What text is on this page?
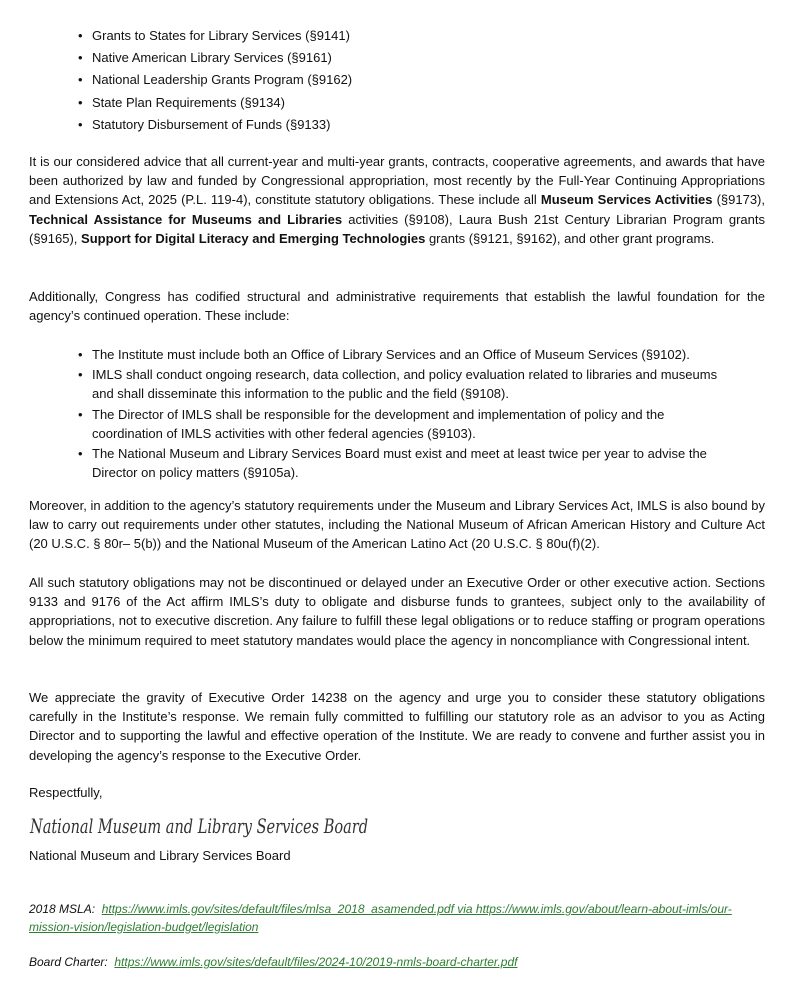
• Grants to States for Library Services (§9141)
• Native American Library Services (§9161)
• National Leadership Grants Program (§9162)
• State Plan Requirements (§9134)
• Statutory Disbursement of Funds (§9133)

It is our considered advice that all current-year and multi-year grants, contracts, cooperative agreements, and awards that have been authorized by law and funded by Congressional appropriation, most recently by the Full-Year Continuing Appropriations and Extensions Act, 2025 (P.L. 119-4), constitute statutory obligations. These include all Museum Services Activities (§9173), Technical Assistance for Museums and Libraries activities (§9108), Laura Bush 21st Century Librarian Program grants (§9165), Support for Digital Literacy and Emerging Technologies grants (§9121, §9162), and other grant programs.

Additionally, Congress has codified structural and administrative requirements that establish the lawful foundation for the agency’s continued operation. These include:

• The Institute must include both an Office of Library Services and an Office of Museum Services (§9102).
• IMLS shall conduct ongoing research, data collection, and policy evaluation related to libraries and museums and shall disseminate this information to the public and the field (§9108).
• The Director of IMLS shall be responsible for the development and implementation of policy and the coordination of IMLS activities with other federal agencies (§9103).
• The National Museum and Library Services Board must exist and meet at least twice per year to advise the Director on policy matters (§9105a).

Moreover, in addition to the agency’s statutory requirements under the Museum and Library Services Act, IMLS is also bound by law to carry out requirements under other statutes, including the National Museum of African American History and Culture Act (20 U.S.C. § 80r– 5(b)) and the National Museum of the American Latino Act (20 U.S.C. § 80u(f)(2).

All such statutory obligations may not be discontinued or delayed under an Executive Order or other executive action. Sections 9133 and 9176 of the Act affirm IMLS’s duty to obligate and disburse funds to grantees, subject only to the availability of appropriations, not to executive discretion. Any failure to fulfill these legal obligations or to reduce staffing or program operations below the minimum required to meet statutory mandates would place the agency in noncompliance with Congressional intent.

We appreciate the gravity of Executive Order 14238 on the agency and urge you to consider these statutory obligations carefully in the Institute’s response. We remain fully committed to fulfilling our statutory role as an advisor to you as Acting Director and to supporting the lawful and effective operation of the Institute. We are ready to convene and further assist you in developing the agency’s response to the Executive Order.

Respectfully,

National Museum and Library Services Board

National Museum and Library Services Board

2018 MSLA: https://www.imls.gov/sites/default/files/mlsa_2018_asamended.pdf via https://www.imls.gov/about/learn-about-imls/our-mission-vision/legislation-budget/legislation

Board Charter: https://www.imls.gov/sites/default/files/2024-10/2019-nmls-board-charter.pdf
